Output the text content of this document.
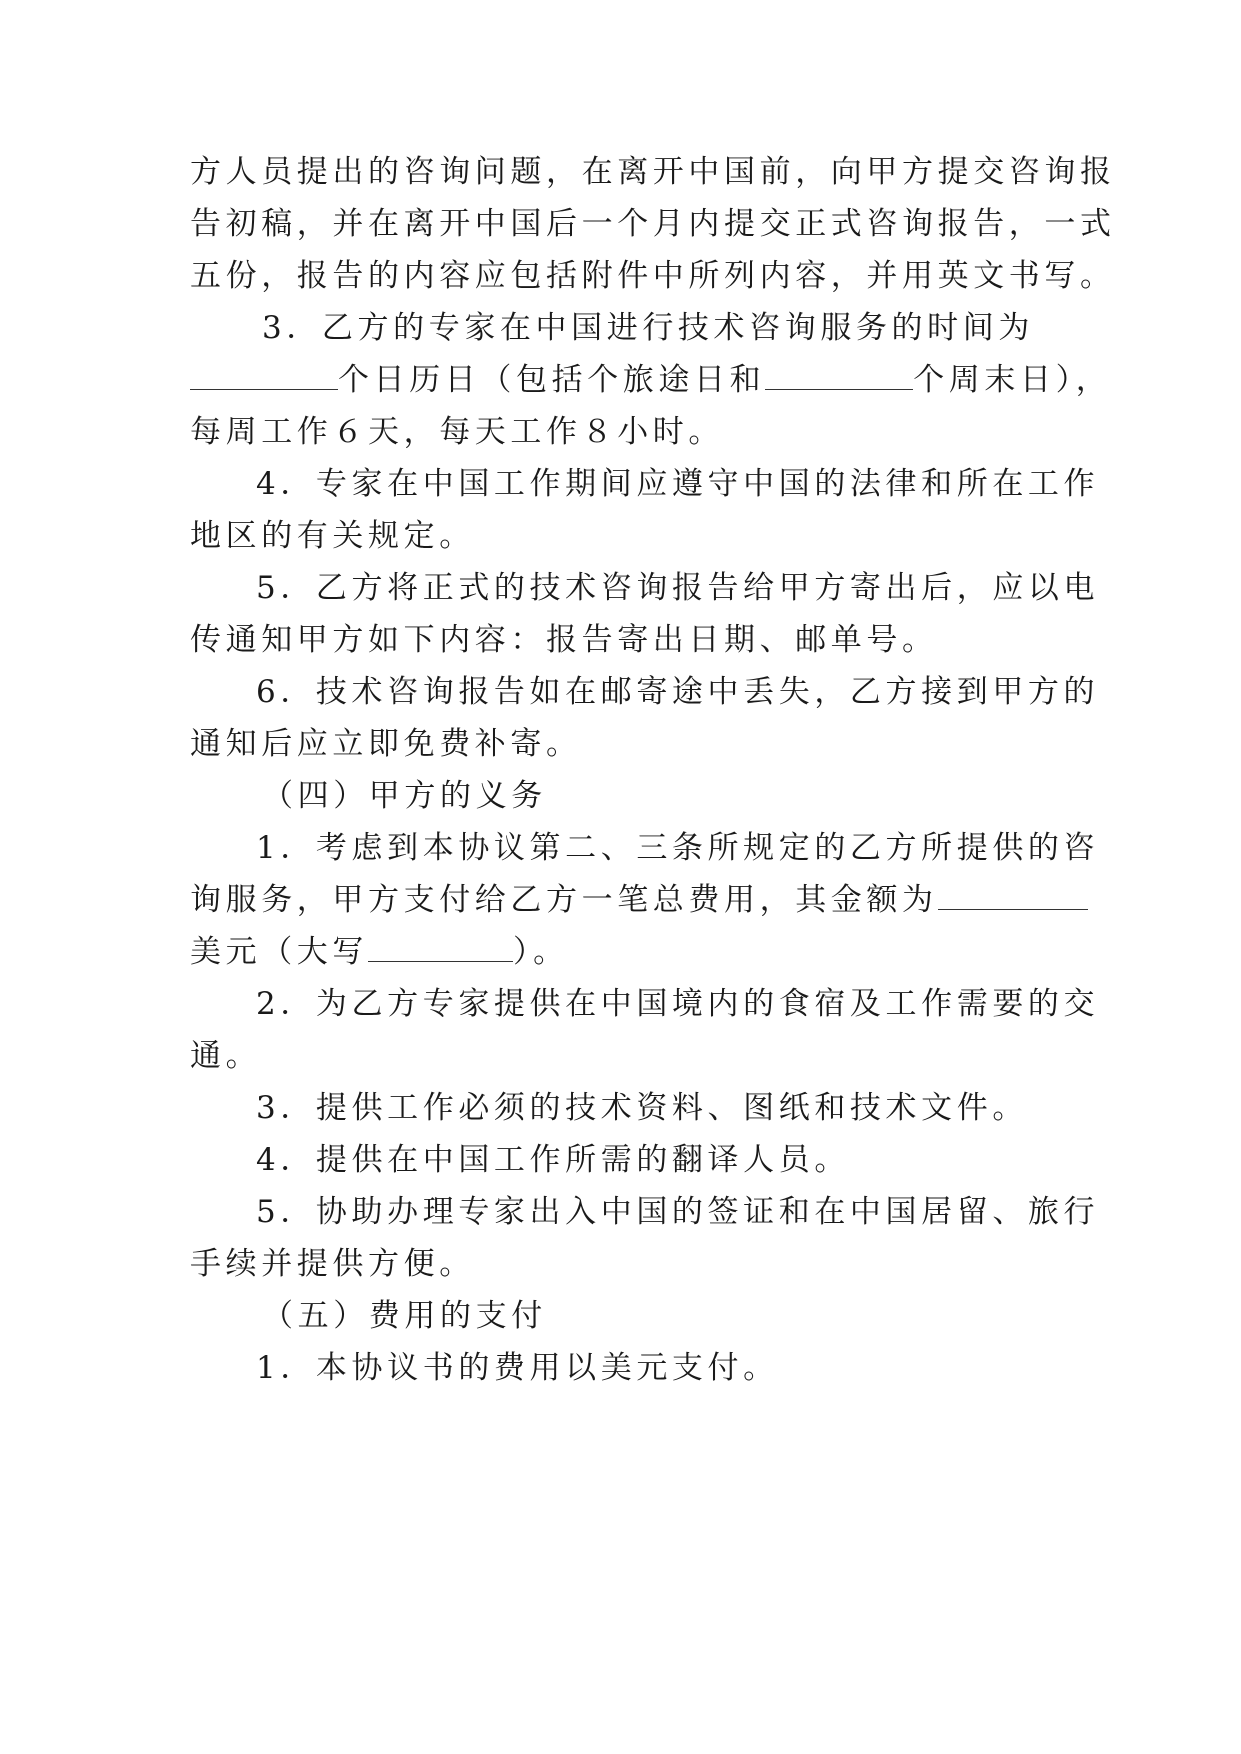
方人员提出的咨询问题，在离开中国前，向甲方提交咨询报
告初稿，并在离开中国后一个月内提交正式咨询报告，一式
五份，报告的内容应包括附件中所列内容，并用英文书写。
3．乙方的专家在中国进行技术咨询服务的时间为
个日历日（包括个旅途日和	个周末日），
每周工作６天，每天工作８小时。
4．专家在中国工作期间应遵守中国的法律和所在工作
地区的有关规定。
5．乙方将正式的技术咨询报告给甲方寄出后，应以电
传通知甲方如下内容：报告寄出日期、邮单号。
6．技术咨询报告如在邮寄途中丢失，乙方接到甲方的
通知后应立即免费补寄。
（四）甲方的义务
1．考虑到本协议第二、三条所规定的乙方所提供的咨
询服务，甲方支付给乙方一笔总费用，其金额为
美元（大写	）。
2．为乙方专家提供在中国境内的食宿及工作需要的交
通。
3．提供工作必须的技术资料、图纸和技术文件。
4．提供在中国工作所需的翻译人员。
5．协助办理专家出入中国的签证和在中国居留、旅行
手续并提供方便。
（五）费用的支付
1．本协议书的费用以美元支付。
